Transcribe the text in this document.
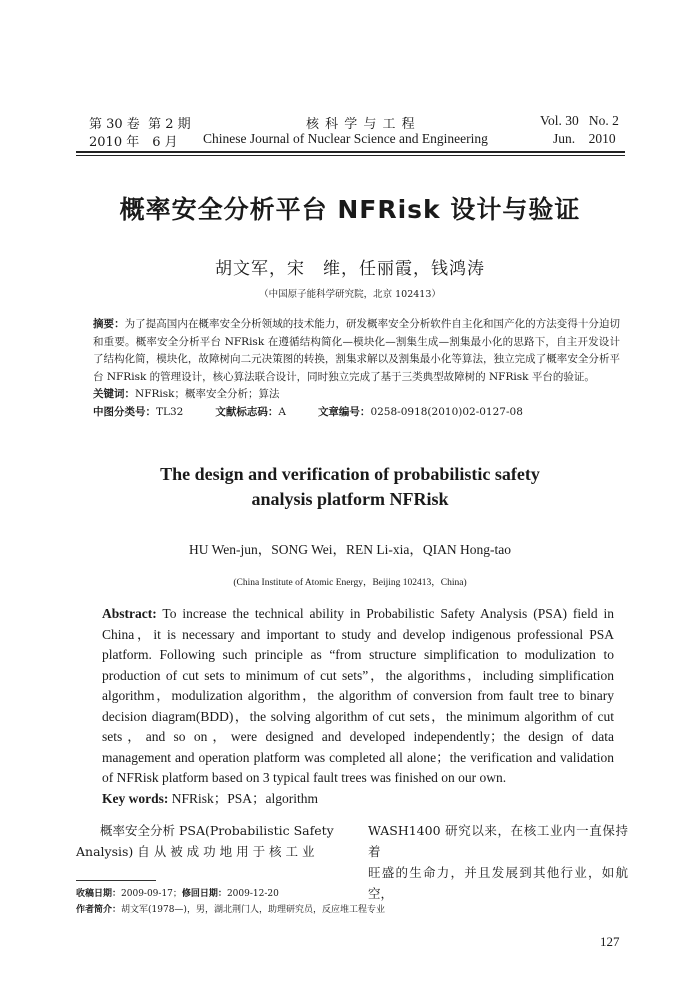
第 30 卷 第 2 期
2010 年　6 月
核 科 学 与 工 程
Chinese Journal of Nuclear Science and Engineering
Vol. 30 No. 2
Jun. 2010
概率安全分析平台 NFRisk 设计与验证
胡文军，宋　维，任丽霞，钱鸿涛
（中国原子能科学研究院，北京 102413）

摘要：为了提高国内在概率安全分析领域的技术能力，研发概率安全分析软件自主化和国产化的方法变得十分迫切和重要。概率安全分析平台 NFRisk 在遵循结构简化—模块化—割集生成—割集最小化的思路下，自主开发设计了结构化简，模块化，故障树向二元决策图的转换，割集求解以及割集最小化等算法，独立完成了概率安全分析平台 NFRisk 的管理设计，核心算法联合设计，同时独立完成了基于三类典型故障树的 NFRisk 平台的验证。

关键词：NFRisk；概率安全分析；算法

中图分类号：TL32	文献标志码：A	文章编号：0258-0918(2010)02-0127-08

The design and verification of probabilistic safety
analysis platform NFRisk
HU Wen-jun，SONG Wei，REN Li-xia，QIAN Hong-tao
(China Institute of Atomic Energy，Beijing 102413，China)

Abstract: To increase the technical ability in Probabilistic Safety Analysis (PSA) field in China，it is necessary and important to study and develop indigenous professional PSA platform. Following such principle as “from structure simplification to modulization to production of cut sets to minimum of cut sets”，the algorithms，including simplification algorithm，modulization algorithm，the algorithm of conversion from fault tree to binary decision diagram(BDD)，the solving algorithm of cut sets，the minimum algorithm of cut sets，and so on，were designed and developed independently；the design of data management and operation platform was completed all alone；the verification and validation of NFRisk platform based on 3 typical fault trees was finished on our own.

Key words: NFRisk；PSA；algorithm

概率安全分析 PSA(Probabilistic Safety
Analysis) 自 从 被 成 功 地 用 于 核 工 业
WASH1400 研究以来，在核工业内一直保持着
旺盛的生命力，并且发展到其他行业，如航空，
收稿日期：2009-09-17；修回日期：2009-12-20
作者简介：胡文军(1978—)，男，湖北荆门人，助理研究员，反应堆工程专业
127
